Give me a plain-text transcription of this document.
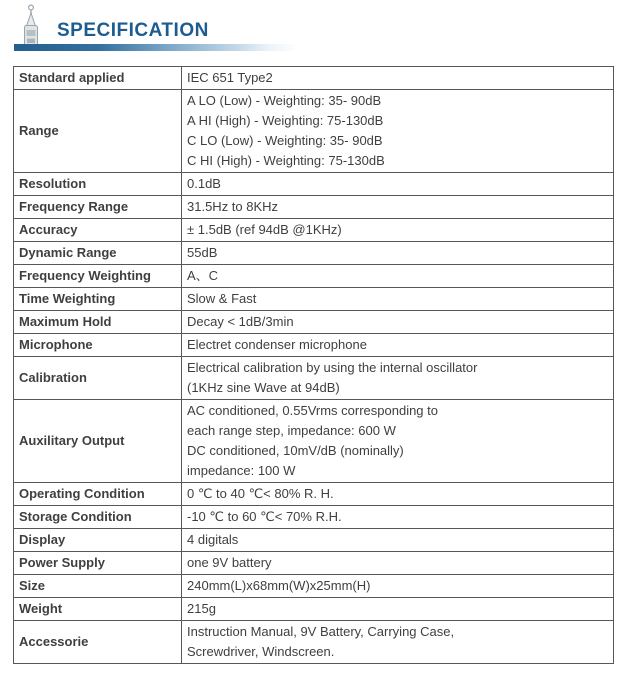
SPECIFICATION
Standard applied	IEC 651 Type2

Range	A LO (Low) - Weighting: 35- 90dB
A HI (High) - Weighting: 75-130dB
C LO (Low) - Weighting: 35- 90dB
C HI (High) - Weighting: 75-130dB

Resolution	0.1dB

Frequency Range	31.5Hz to 8KHz

Accuracy	± 1.5dB (ref 94dB @1KHz)

Dynamic Range	55dB

Frequency Weighting	A、C

Time Weighting	Slow & Fast

Maximum Hold	Decay < 1dB/3min

Microphone	Electret condenser microphone

Calibration	Electrical calibration by using the internal oscillator
(1KHz sine Wave at 94dB)

Auxilitary Output	AC conditioned, 0.55Vrms corresponding to
each range step, impedance: 600 W
DC conditioned, 10mV/dB (nominally)
impedance: 100 W

Operating Condition	0 ℃ to 40 ℃< 80% R. H.

Storage Condition	-10 ℃ to 60 ℃< 70% R.H.

Display	4 digitals

Power Supply	one 9V battery

Size	240mm(L)x68mm(W)x25mm(H)

Weight	215g

Accessorie	Instruction Manual, 9V Battery, Carrying Case,
Screwdriver, Windscreen.
